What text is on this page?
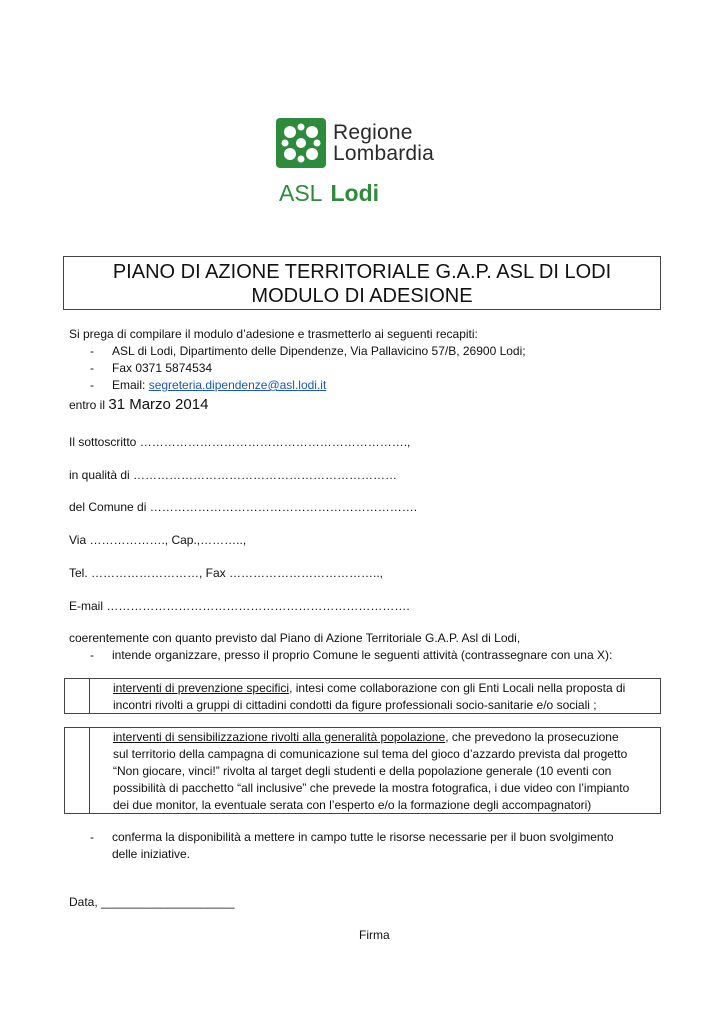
Regione
Lombardia
ASL Lodi
PIANO DI AZIONE TERRITORIALE G.A.P. ASL DI LODI
MODULO DI ADESIONE
Si prega di compilare il modulo d’adesione e trasmetterlo ai seguenti recapiti:
- ASL di Lodi, Dipartimento delle Dipendenze, Via Pallavicino 57/B, 26900 Lodi;
- Fax 0371 5874534
- Email: segreteria.dipendenze@asl.lodi.it
entro il 31 Marzo 2014
Il sottoscritto ………………………………………………………….,
in qualità di …………………………………………………………
del Comune di ………………………………………………………….
Via ………………., Cap.,………..,
Tel. ………………………, Fax ………………………………..,
E-mail ………………………………………………………………….
coerentemente con quanto previsto dal Piano di Azione Territoriale G.A.P. Asl di Lodi,
- intende organizzare, presso il proprio Comune le seguenti attività (contrassegnare con una X):
interventi di prevenzione specifici, intesi come collaborazione con gli Enti Locali nella proposta di
incontri rivolti a gruppi di cittadini condotti da figure professionali socio-sanitarie e/o sociali ;
interventi di sensibilizzazione rivolti alla generalità popolazione, che prevedono la prosecuzione
sul territorio della campagna di comunicazione sul tema del gioco d’azzardo prevista dal progetto
“Non giocare, vinci!” rivolta al target degli studenti e della popolazione generale (10 eventi con
possibilità di pacchetto “all inclusive” che prevede la mostra fotografica, i due video con l’impianto
dei due monitor, la eventuale serata con l’esperto e/o la formazione degli accompagnatori)
- conferma la disponibilità a mettere in campo tutte le risorse necessarie per il buon svolgimento
delle iniziative.
Data, ____________________
Firma
